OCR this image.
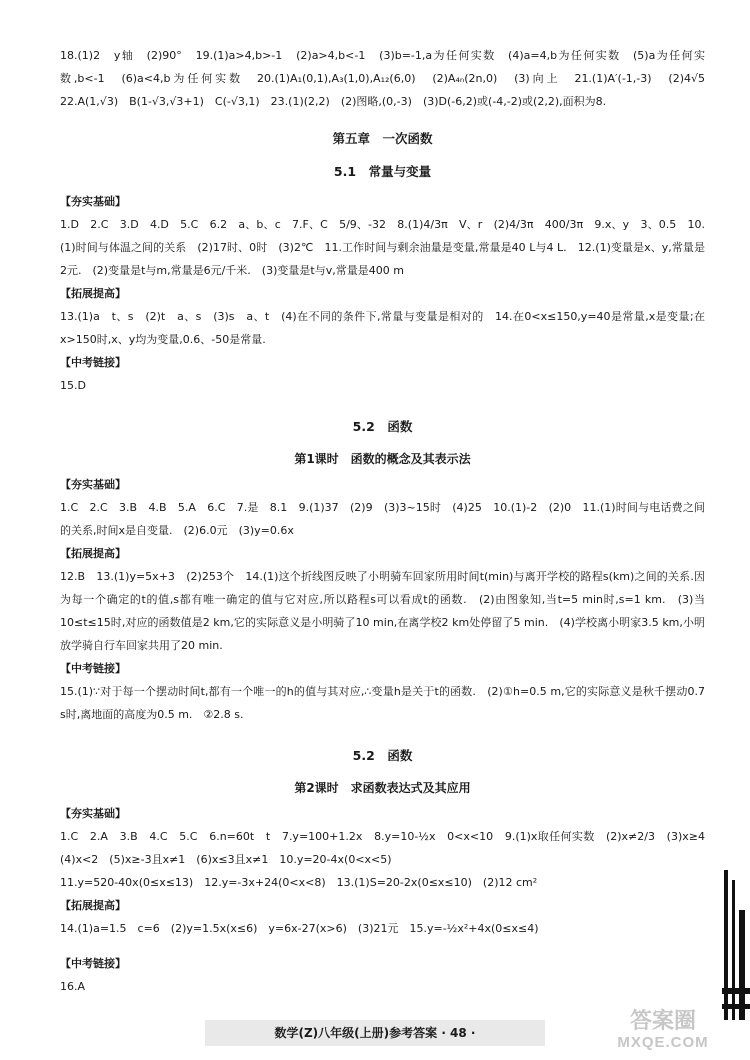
18.(1)2　y轴　(2)90°　19.(1)a>4,b>-1　(2)a>4,b<-1　(3)b=-1,a为任何实数　(4)a=4,b为任何实数　(5)a为任何实数,b<-1　(6)a<4,b为任何实数　20.(1)A₁(0,1),A₃(1,0),A₁₂(6,0)　(2)A₄ₙ(2n,0)　(3)向上　21.(1)A′(-1,-3)　(2)4√5　22.A(1,√3)　B(1-√3,√3+1)　C(-√3,1)　23.(1)(2,2)　(2)图略,(0,-3)　(3)D(-6,2)或(-4,-2)或(2,2),面积为8.
第五章　一次函数
5.1　常量与变量
【夯实基础】
1.D　2.C　3.D　4.D　5.C　6.2　a、b、c　7.F、C　5/9、-32　8.(1)4/3π　V、r　(2)4/3π　400/3π　9.x、y　3、0.5　10.(1)时间与体温之间的关系　(2)17时、0时　(3)2℃　11.工作时间与剩余油量是变量,常量是40 L与4 L.　12.(1)变量是x、y,常量是2元.　(2)变量是t与m,常量是6元/千米.　(3)变量是t与v,常量是400 m
【拓展提高】
13.(1)a　t、s　(2)t　a、s　(3)s　a、t　(4)在不同的条件下,常量与变量是相对的　14.在0<x≤150,y=40是常量,x是变量;在x>150时,x、y均为变量,0.6、-50是常量.
【中考链接】
15.D
5.2　函数
第1课时　函数的概念及其表示法
【夯实基础】
1.C　2.C　3.B　4.B　5.A　6.C　7.是　8.1　9.(1)37　(2)9　(3)3~15时　(4)25　10.(1)-2　(2)0　11.(1)时间与电话费之间的关系,时间x是自变量.　(2)6.0元　(3)y=0.6x
【拓展提高】
12.B　13.(1)y=5x+3　(2)253个　14.(1)这个折线图反映了小明骑车回家所用时间t(min)与离开学校的路程s(km)之间的关系.因为每一个确定的t的值,s都有唯一确定的值与它对应,所以路程s可以看成t的函数.　(2)由图象知,当t=5 min时,s=1 km.　(3)当10≤t≤15时,对应的函数值是2 km,它的实际意义是小明骑了10 min,在离学校2 km处停留了5 min.　(4)学校离小明家3.5 km,小明放学骑自行车回家共用了20 min.
【中考链接】
15.(1)∵对于每一个摆动时间t,都有一个唯一的h的值与其对应,∴变量h是关于t的函数.　(2)①h=0.5 m,它的实际意义是秋千摆动0.7 s时,离地面的高度为0.5 m.　②2.8 s.
5.2　函数
第2课时　求函数表达式及其应用
【夯实基础】
1.C　2.A　3.B　4.C　5.C　6.n=60t　t　7.y=100+1.2x　8.y=10-½x　0<x<10　9.(1)x取任何实数　(2)x≠2/3　(3)x≥4　(4)x<2　(5)x≥-3且x≠1　(6)x≤3且x≠1　10.y=20-4x(0<x<5)
11.y=520-40x(0≤x≤13)　12.y=-3x+24(0<x<8)　13.(1)S=20-2x(0≤x≤10)　(2)12 cm²
【拓展提高】
14.(1)a=1.5　c=6　(2)y=1.5x(x≤6)　y=6x-27(x>6)　(3)21元　15.y=-½x²+4x(0≤x≤4)
【中考链接】
16.A
数学(Z)八年级(上册)参考答案 · 48 ·	答案圈
MXQE.COM
